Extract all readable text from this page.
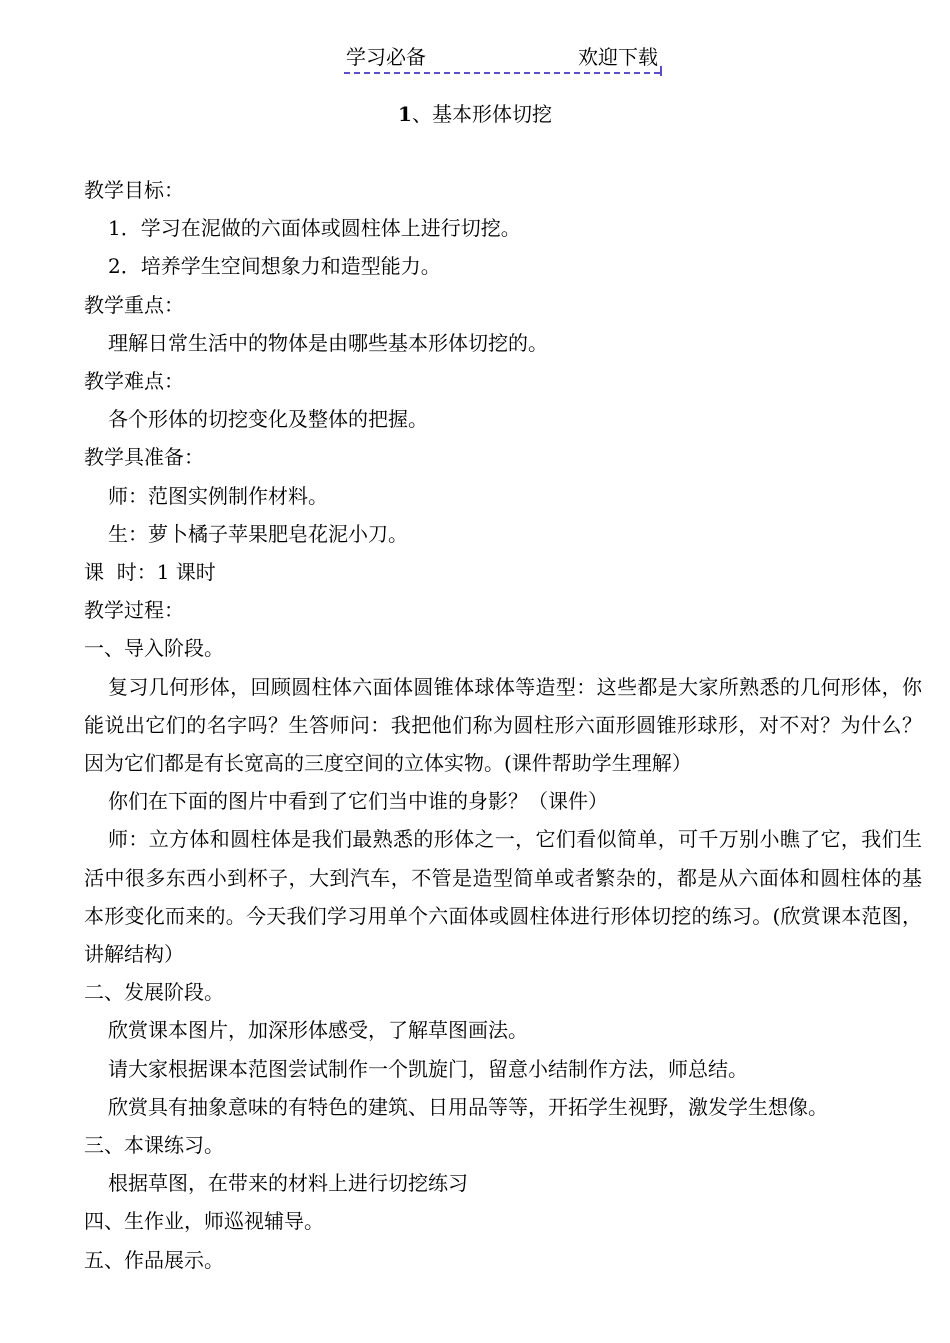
学习必备	欢迎下载
1、基本形体切挖

教学目标：

1．学习在泥做的六面体或圆柱体上进行切挖。

2．培养学生空间想象力和造型能力。

教学重点：

理解日常生活中的物体是由哪些基本形体切挖的。

教学难点：

各个形体的切挖变化及整体的把握。

教学具准备：

师：范图实例制作材料。

生：萝卜橘子苹果肥皂花泥小刀。

课  时：1 课时

教学过程：

一、导入阶段。

复习几何形体，回顾圆柱体六面体圆锥体球体等造型：这些都是大家所熟悉的几何形体，你能说出它们的名字吗？生答师问：我把他们称为圆柱形六面形圆锥形球形，对不对？为什么？因为它们都是有长宽高的三度空间的立体实物。(课件帮助学生理解）

你们在下面的图片中看到了它们当中谁的身影？（课件）

师：立方体和圆柱体是我们最熟悉的形体之一，它们看似简单，可千万别小瞧了它，我们生活中很多东西小到杯子，大到汽车，不管是造型简单或者繁杂的，都是从六面体和圆柱体的基本形变化而来的。今天我们学习用单个六面体或圆柱体进行形体切挖的练习。(欣赏课本范图，讲解结构）

二、发展阶段。

欣赏课本图片，加深形体感受，了解草图画法。

请大家根据课本范图尝试制作一个凯旋门，留意小结制作方法，师总结。

欣赏具有抽象意味的有特色的建筑、日用品等等，开拓学生视野，激发学生想像。

三、本课练习。

根据草图，在带来的材料上进行切挖练习

四、生作业，师巡视辅导。

五、作品展示。
